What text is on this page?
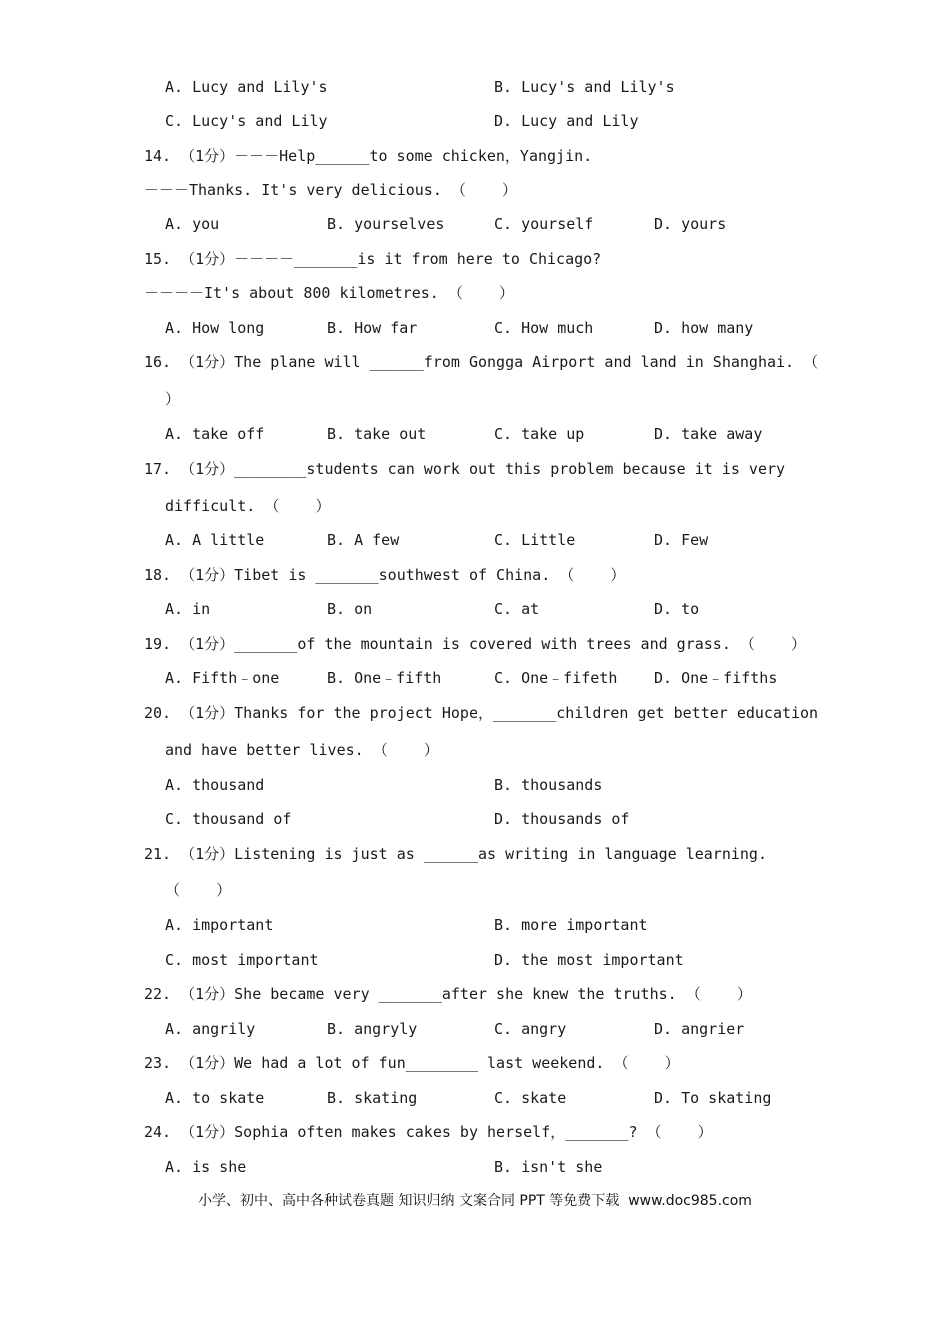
A. Lucy and Lily's	B. Lucy's and Lily's
C. Lucy's and Lily	D. Lucy and Lily
14. （1分）－－－Help______to some chicken，Yangjin.
－－－Thanks. It's very delicious. （    ）
A. you	B. yourselves	C. yourself	D. yours
15. （1分）－－－－_______is it from here to Chicago?
－－－－It's about 800 kilometres. （    ）
A. How long	B. How far	C. How much	D. how many
16. （1分）The plane will ______from Gongga Airport and land in Shanghai. （
）
A. take off	B. take out	C. take up	D. take away
17. （1分）________students can work out this problem because it is very
difficult. （    ）
A. A little	B. A few	C. Little	D. Few
18. （1分）Tibet is _______southwest of China. （    ）
A. in	B. on	C. at	D. to
19. （1分）_______of the mountain is covered with trees and grass. （    ）
A. Fifth﹣one	B. One﹣fifth	C. One﹣fifeth D. One﹣fifths
20. （1分）Thanks for the project Hope，_______children get better education
and have better lives. （    ）
A. thousand	B. thousands
C. thousand of	D. thousands of
21. （1分）Listening is just as ______as writing in language learning.
（    ）
A. important	B. more important
C. most important	D. the most important
22. （1分）She became very _______after she knew the truths. （    ）
A. angrily	B. angryly	C. angry	D. angrier
23. （1分）We had a lot of fun________ last weekend. （    ）
A. to skate	B. skating	C. skate	D. To skating
24. （1分）Sophia often makes cakes by herself，_______? （    ）
A. is she	B. isn't she
小学、初中、高中各种试卷真题 知识归纳 文案合同 PPT 等免费下载  www.doc985.com
